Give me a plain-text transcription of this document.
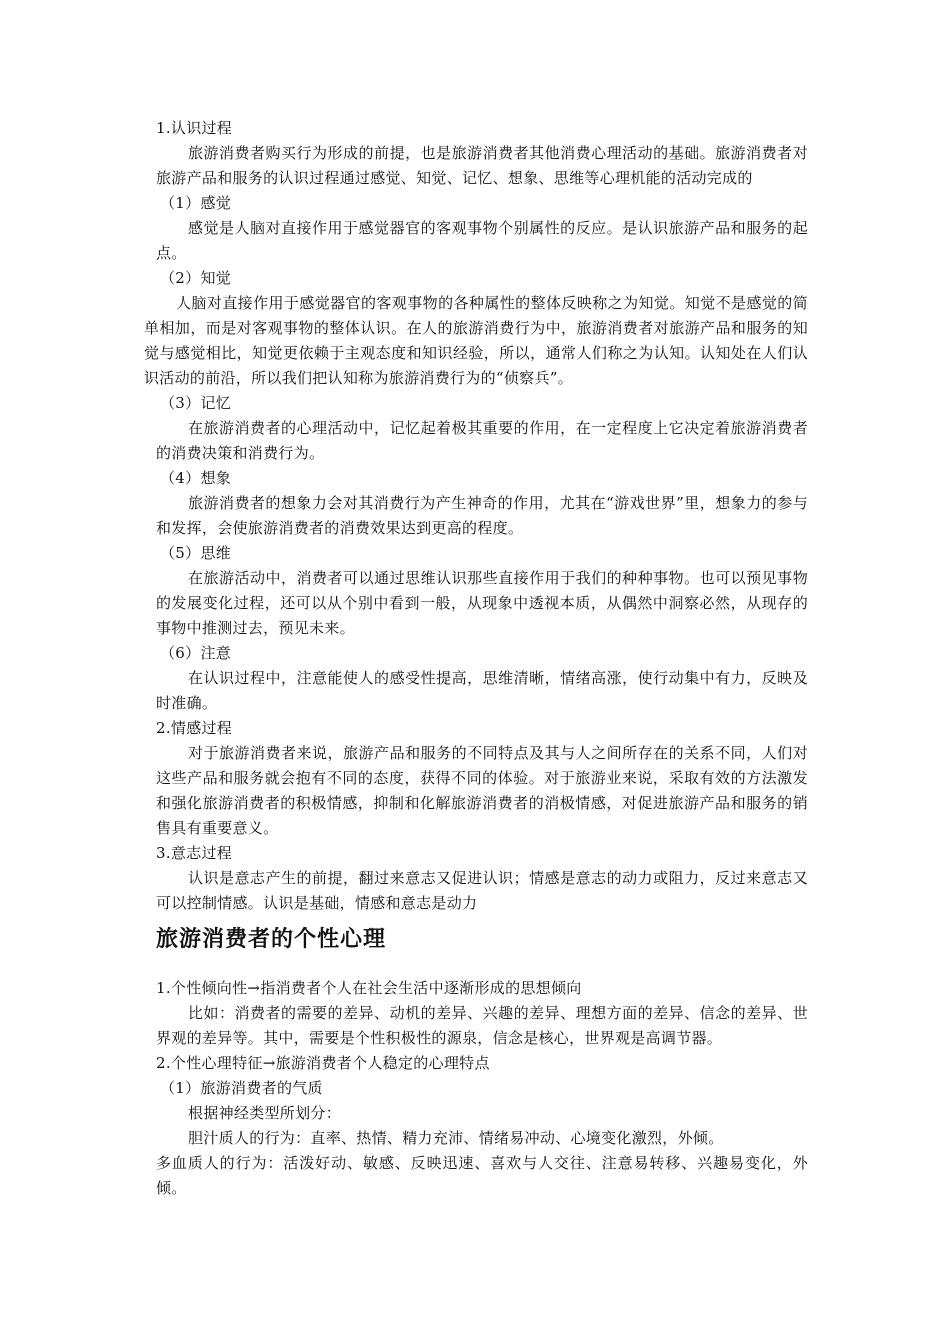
1.认识过程

旅游消费者购买行为形成的前提，也是旅游消费者其他消费心理活动的基础。旅游消费者对旅游产品和服务的认识过程通过感觉、知觉、记忆、想象、思维等心理机能的活动完成的

（1）感觉

感觉是人脑对直接作用于感觉器官的客观事物个别属性的反应。是认识旅游产品和服务的起点。

（2）知觉

人脑对直接作用于感觉器官的客观事物的各种属性的整体反映称之为知觉。知觉不是感觉的简单相加，而是对客观事物的整体认识。在人的旅游消费行为中，旅游消费者对旅游产品和服务的知觉与感觉相比，知觉更依赖于主观态度和知识经验，所以，通常人们称之为认知。认知处在人们认识活动的前沿，所以我们把认知称为旅游消费行为的“侦察兵”。

（3）记忆

在旅游消费者的心理活动中，记忆起着极其重要的作用，在一定程度上它决定着旅游消费者的消费决策和消费行为。

（4）想象

旅游消费者的想象力会对其消费行为产生神奇的作用，尤其在“游戏世界”里，想象力的参与和发挥，会使旅游消费者的消费效果达到更高的程度。

（5）思维

在旅游活动中，消费者可以通过思维认识那些直接作用于我们的种种事物。也可以预见事物的发展变化过程，还可以从个别中看到一般，从现象中透视本质，从偶然中洞察必然，从现存的事物中推测过去，预见未来。

（6）注意

在认识过程中，注意能使人的感受性提高，思维清晰，情绪高涨，使行动集中有力，反映及时准确。

2.情感过程

对于旅游消费者来说，旅游产品和服务的不同特点及其与人之间所存在的关系不同，人们对这些产品和服务就会抱有不同的态度，获得不同的体验。对于旅游业来说，采取有效的方法激发和强化旅游消费者的积极情感，抑制和化解旅游消费者的消极情感，对促进旅游产品和服务的销售具有重要意义。

3.意志过程

认识是意志产生的前提，翻过来意志又促进认识；情感是意志的动力或阻力，反过来意志又可以控制情感。认识是基础，情感和意志是动力

旅游消费者的个性心理

1.个性倾向性→指消费者个人在社会生活中逐渐形成的思想倾向

比如：消费者的需要的差异、动机的差异、兴趣的差异、理想方面的差异、信念的差异、世界观的差异等。其中，需要是个性积极性的源泉，信念是核心，世界观是高调节器。

2.个性心理特征→旅游消费者个人稳定的心理特点

（1）旅游消费者的气质

根据神经类型所划分：

胆汁质人的行为：直率、热情、精力充沛、情绪易冲动、心境变化激烈，外倾。

多血质人的行为：活泼好动、敏感、反映迅速、喜欢与人交往、注意易转移、兴趣易变化，外倾。
